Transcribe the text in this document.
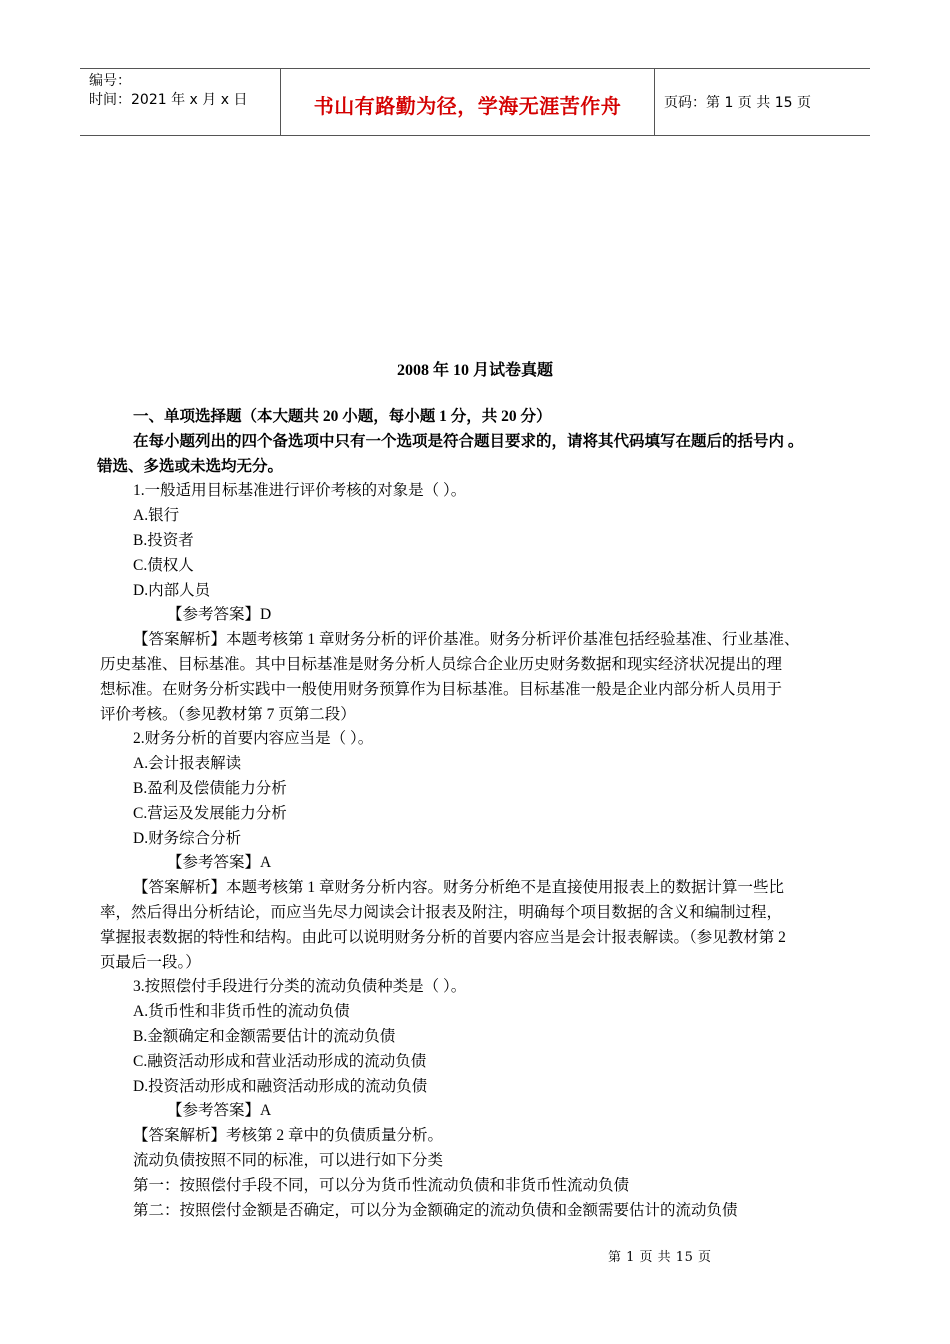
编号：
时间：2021 年 x 月 x 日	书山有路勤为径，学海无涯苦作舟	页码：第 1 页 共 15 页
2008 年 10 月试卷真题

一、单项选择题（本大题共 20 小题，每小题 1 分，共 20 分）

在每小题列出的四个备选项中只有一个选项是符合题目要求的，请将其代码填写在题后的括号内 。

错选、多选或未选均无分。

1.一般适用目标基准进行评价考核的对象是（ ）。

A.银行

B.投资者

C.债权人

D.内部人员

【参考答案】D

【答案解析】本题考核第 1 章财务分析的评价基准。财务分析评价基准包括经验基准、行业基准、

历史基准、目标基准。其中目标基准是财务分析人员综合企业历史财务数据和现实经济状况提出的理

想标准。在财务分析实践中一般使用财务预算作为目标基准。目标基准一般是企业内部分析人员用于

评价考核。（参见教材第 7 页第二段）

2.财务分析的首要内容应当是（ ）。

A.会计报表解读

B.盈利及偿债能力分析

C.营运及发展能力分析

D.财务综合分析

【参考答案】A

【答案解析】本题考核第 1 章财务分析内容。财务分析绝不是直接使用报表上的数据计算一些比

率，然后得出分析结论，而应当先尽力阅读会计报表及附注，明确每个项目数据的含义和编制过程，

掌握报表数据的特性和结构。由此可以说明财务分析的首要内容应当是会计报表解读。（参见教材第 2

页最后一段。）

3.按照偿付手段进行分类的流动负债种类是（ ）。

A.货币性和非货币性的流动负债

B.金额确定和金额需要估计的流动负债

C.融资活动形成和营业活动形成的流动负债

D.投资活动形成和融资活动形成的流动负债

【参考答案】A

【答案解析】考核第 2 章中的负债质量分析。

流动负债按照不同的标准，可以进行如下分类

第一：按照偿付手段不同，可以分为货币性流动负债和非货币性流动负债

第二：按照偿付金额是否确定，可以分为金额确定的流动负债和金额需要估计的流动负债

第 1 页 共 15 页
